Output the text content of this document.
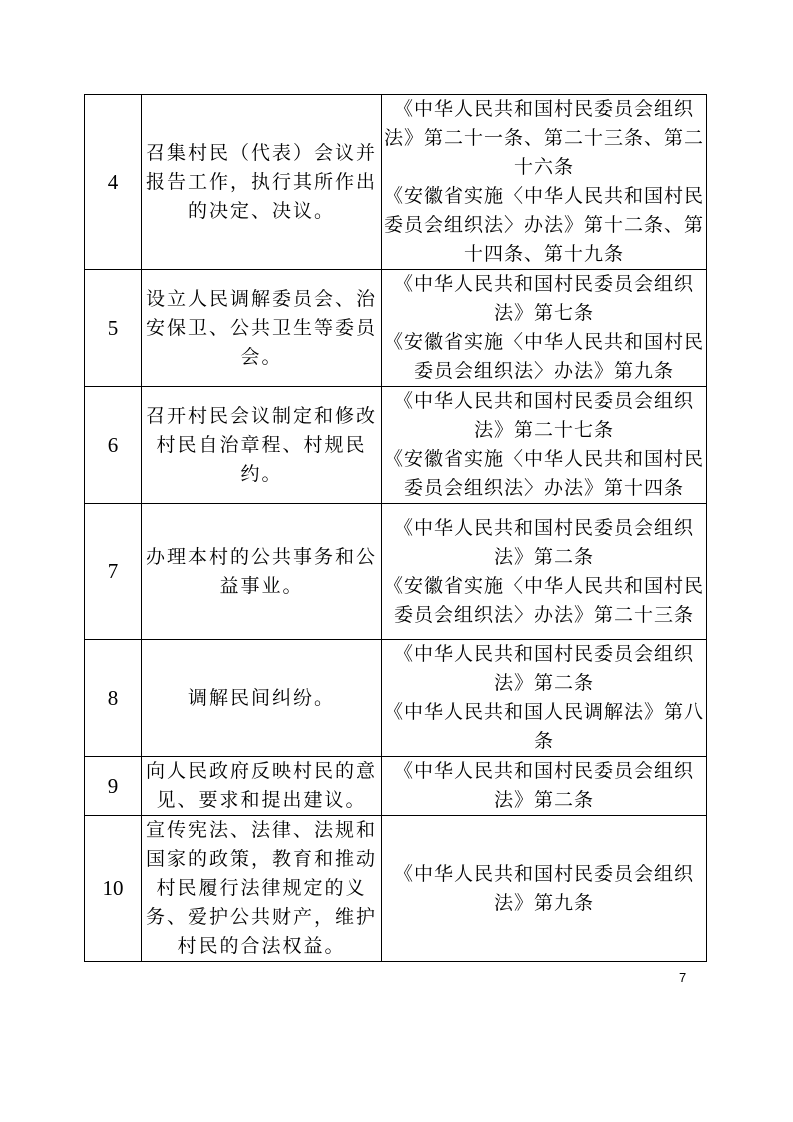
4	召集村民（代表）会议并报告工作，执行其所作出的决定、决议。	《中华人民共和国村民委员会组织法》第二十一条、第二十三条、第二十六条
《安徽省实施〈中华人民共和国村民委员会组织法〉办法》第十二条、第十四条、第十九条

5	设立人民调解委员会、治安保卫、公共卫生等委员会。	《中华人民共和国村民委员会组织法》第七条
《安徽省实施〈中华人民共和国村民委员会组织法〉办法》第九条

6	召开村民会议制定和修改村民自治章程、村规民约。	《中华人民共和国村民委员会组织法》第二十七条
《安徽省实施〈中华人民共和国村民委员会组织法〉办法》第十四条

7	办理本村的公共事务和公益事业。	《中华人民共和国村民委员会组织法》第二条
《安徽省实施〈中华人民共和国村民委员会组织法〉办法》第二十三条

8	调解民间纠纷。	《中华人民共和国村民委员会组织法》第二条
《中华人民共和国人民调解法》第八条

9	向人民政府反映村民的意见、要求和提出建议。	《中华人民共和国村民委员会组织法》第二条

10	宣传宪法、法律、法规和国家的政策，教育和推动村民履行法律规定的义务、爱护公共财产，维护村民的合法权益。	《中华人民共和国村民委员会组织法》第九条
7
